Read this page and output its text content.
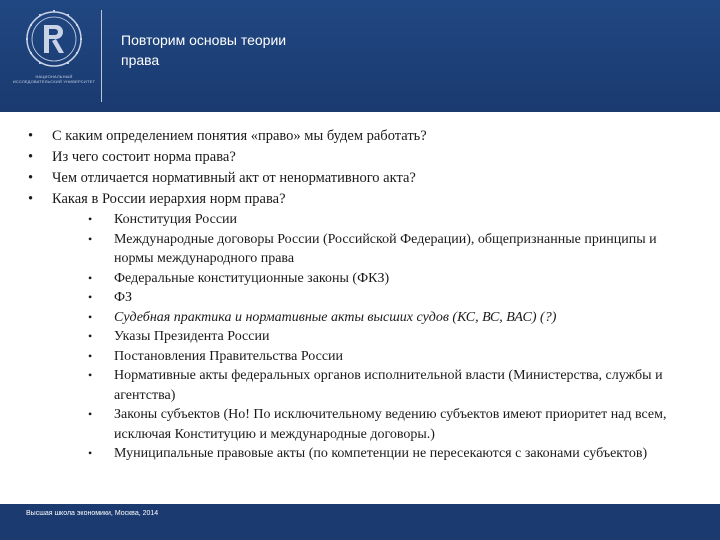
НАЦИОНАЛЬНЫЙ ИССЛЕДОВАТЕЛЬСКИЙ УНИВЕРСИТЕТ
Повторим основы теории
права
• С каким определением понятия «право» мы будем работать?
• Из чего состоит норма права?
• Чем отличается нормативный акт от ненормативного акта?
• Какая в России иерархия норм права?
• Конституция России
• Международные договоры России (Российской Федерации), общепризнанные принципы и нормы международного права
• Федеральные конституционные законы (ФКЗ)
• ФЗ
• Судебная практика и нормативные акты высших судов (КС, ВС, ВАС) (?)
• Указы Президента России
• Постановления Правительства России
• Нормативные акты федеральных органов исполнительной власти (Министерства, службы и агентства)
• Законы субъектов (Но! По исключительному ведению субъектов имеют приоритет над всем, исключая Конституцию и международные договоры.)
• Муниципальные правовые акты (по компетенции не пересекаются с законами субъектов)
Высшая школа экономики, Москва, 2014
